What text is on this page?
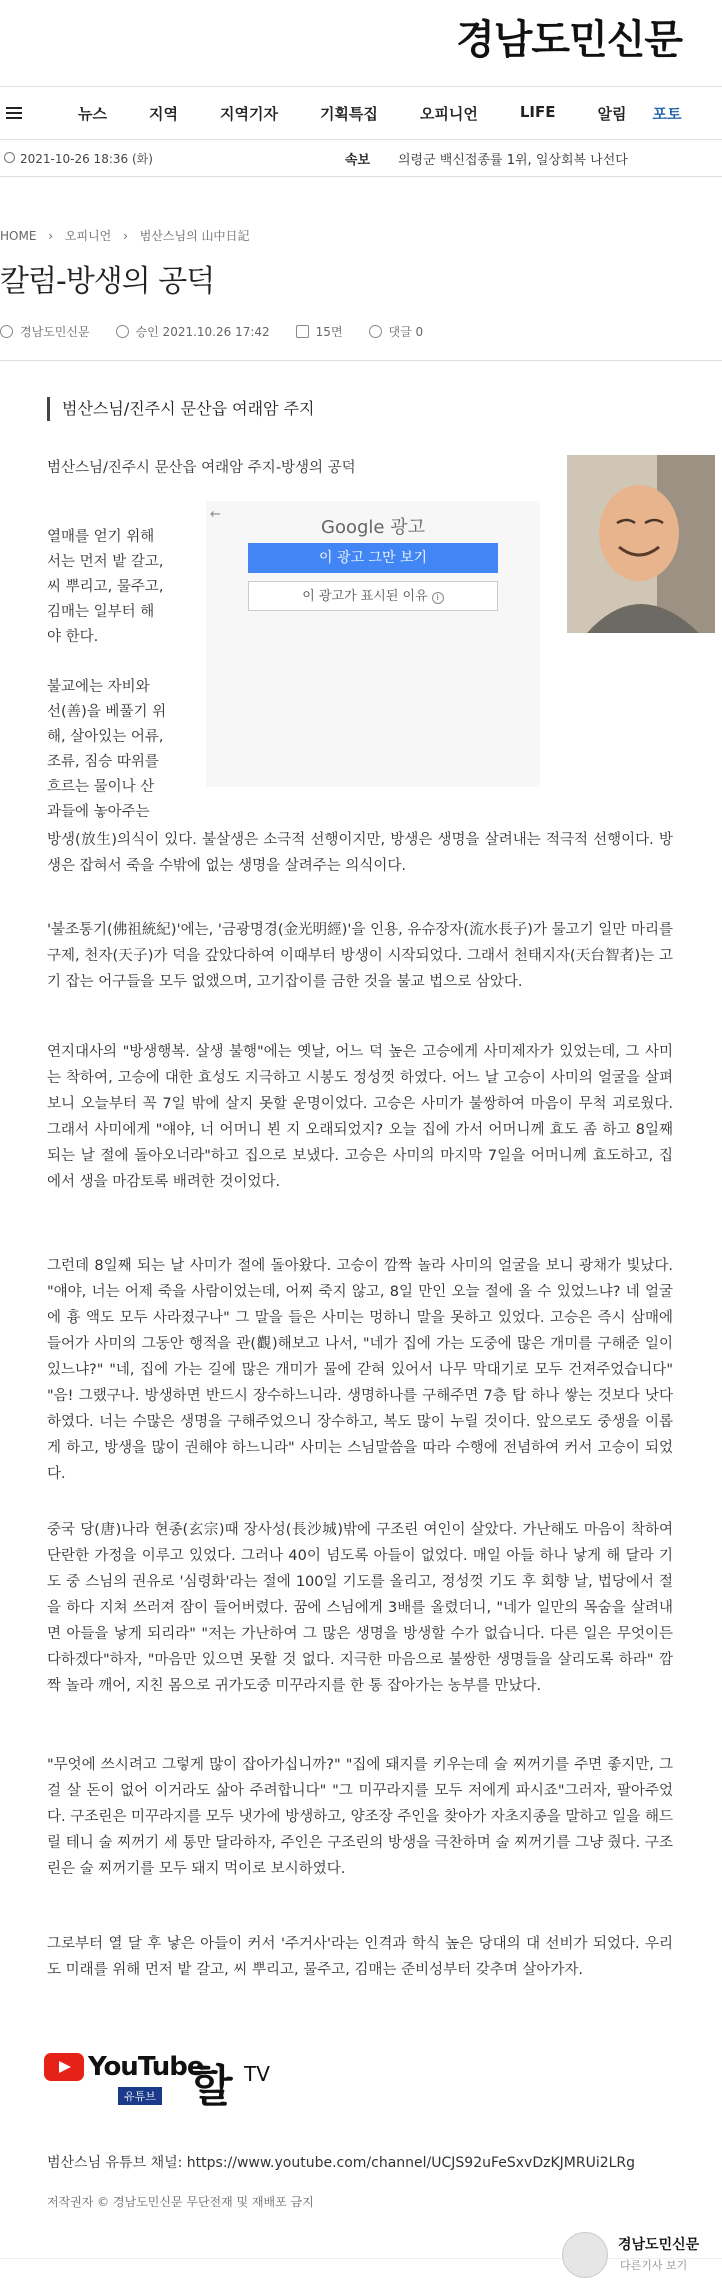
경남도민신문
뉴스	지역	지역기자	기획특집	오피니언	LIFE	알림 포토
2021-10-26 18:36 (화)	속보 의령군 백신접종률 1위, 일상회복 나선다
HOME › 오피니언 › 범산스님의 山中日記
칼럼-방생의 공덕
경남도민신문	승인 2021.10.26 17:42	15면	댓글 0
범산스님/진주시 문산읍 여래암 주지
범산스님/진주시 문산읍 여래암 주지-방생의 공덕
열매를 얻기 위해
서는 먼저 밭 갈고,
씨 뿌리고, 물주고,
김매는 일부터 해
야 한다.
불교에는 자비와
선(善)을 베풀기 위
해, 살아있는 어류,
조류, 짐승 따위를
흐르는 물이나 산
과들에 놓아주는
←
Google 광고
이 광고 그만 보기
이 광고가 표시된 이유 i
방생(放生)의식이 있다. 불살생은 소극적 선행이지만, 방생은 생명을 살려내는 적극적 선행이다. 방생은 잡혀서 죽을 수밖에 없는 생명을 살려주는 의식이다.
'불조통기(佛祖統紀)'에는, '금광명경(金光明經)'을 인용, 유슈장자(流水長子)가 물고기 일만 마리를 구제, 천자(天子)가 덕을 갚았다하여 이때부터 방생이 시작되었다. 그래서 천태지자(天台智者)는 고기 잡는 어구들을 모두 없앴으며, 고기잡이를 금한 것을 불교 법으로 삼았다.
연지대사의 "방생행복. 살생 불행"에는 옛날, 어느 덕 높은 고승에게 사미제자가 있었는데, 그 사미는 착하여, 고승에 대한 효성도 지극하고 시봉도 정성껏 하였다. 어느 날 고승이 사미의 얼굴을 살펴보니 오늘부터 꼭 7일 밖에 살지 못할 운명이었다. 고승은 사미가 불쌍하여 마음이 무척 괴로웠다. 그래서 사미에게 "얘야, 너 어머니 뵌 지 오래되었지? 오늘 집에 가서 어머니께 효도 좀 하고 8일째 되는 날 절에 돌아오너라"하고 집으로 보냈다. 고승은 사미의 마지막 7일을 어머니께 효도하고, 집에서 생을 마감토록 배려한 것이었다.
그런데 8일째 되는 날 사미가 절에 돌아왔다. 고승이 깜짝 놀라 사미의 얼굴을 보니 광채가 빛났다. "얘야, 너는 어제 죽을 사람이었는데, 어찌 죽지 않고, 8일 만인 오늘 절에 올 수 있었느냐? 네 얼굴에 흉 액도 모두 사라졌구나" 그 말을 들은 사미는 멍하니 말을 못하고 있었다. 고승은 즉시 삼매에 들어가 사미의 그동안 행적을 관(觀)해보고 나서, "네가 집에 가는 도중에 많은 개미를 구해준 일이 있느냐?" "네, 집에 가는 길에 많은 개미가 물에 갇혀 있어서 나무 막대기로 모두 건져주었습니다" "음! 그랬구나. 방생하면 반드시 장수하느니라. 생명하나를 구해주면 7층 탑 하나 쌓는 것보다 낫다 하였다. 너는 수많은 생명을 구해주었으니 장수하고, 복도 많이 누릴 것이다. 앞으로도 중생을 이롭게 하고, 방생을 많이 권해야 하느니라" 사미는 스님말씀을 따라 수행에 전념하여 커서 고승이 되었다.
중국 당(唐)나라 현종(玄宗)때 장사성(長沙城)밖에 구조린 여인이 살았다. 가난해도 마음이 착하여 단란한 가정을 이루고 있었다. 그러나 40이 넘도록 아들이 없었다. 매일 아들 하나 낳게 해 달라 기도 중 스님의 권유로 '심령화'라는 절에 100일 기도를 올리고, 정성껏 기도 후 회향 날, 법당에서 절을 하다 지쳐 쓰러져 잠이 들어버렸다. 꿈에 스님에게 3배를 올렸더니, "네가 일만의 목숨을 살려내면 아들을 낳게 되리라" "저는 가난하여 그 많은 생명을 방생할 수가 없습니다. 다른 일은 무엇이든 다하겠다"하자, "마음만 있으면 못할 것 없다. 지극한 마음으로 불쌍한 생명들을 살리도록 하라" 깜짝 놀라 깨어, 지친 몸으로 귀가도중 미꾸라지를 한 통 잡아가는 농부를 만났다.
"무엇에 쓰시려고 그렇게 많이 잡아가십니까?" "집에 돼지를 키우는데 술 찌꺼기를 주면 좋지만, 그걸 살 돈이 없어 이거라도 삶아 주려합니다" "그 미꾸라지를 모두 저에게 파시죠"그러자, 팔아주었다. 구조린은 미꾸라지를 모두 냇가에 방생하고, 양조장 주인을 찾아가 자초지종을 말하고 일을 해드릴 테니 술 찌꺼기 세 통만 달라하자, 주인은 구조린의 방생을 극찬하며 술 찌꺼기를 그냥 줬다. 구조린은 술 찌꺼기를 모두 돼지 먹이로 보시하였다.
그로부터 열 달 후 낳은 아들이 커서 '주거사'라는 인격과 학식 높은 당대의 대 선비가 되었다. 우리도 미래를 위해 먼저 밭 갈고, 씨 뿌리고, 물주고, 김매는 준비성부터 갖추며 살아가자.
YouTube
유튜브 할 TV
범산스님 유튜브 채널: https://www.youtube.com/channel/UCJS92uFeSxvDzKJMRUi2LRg
저작권자 © 경남도민신문 무단전재 및 재배포 금지
경남도민신문
다른기사 보기
